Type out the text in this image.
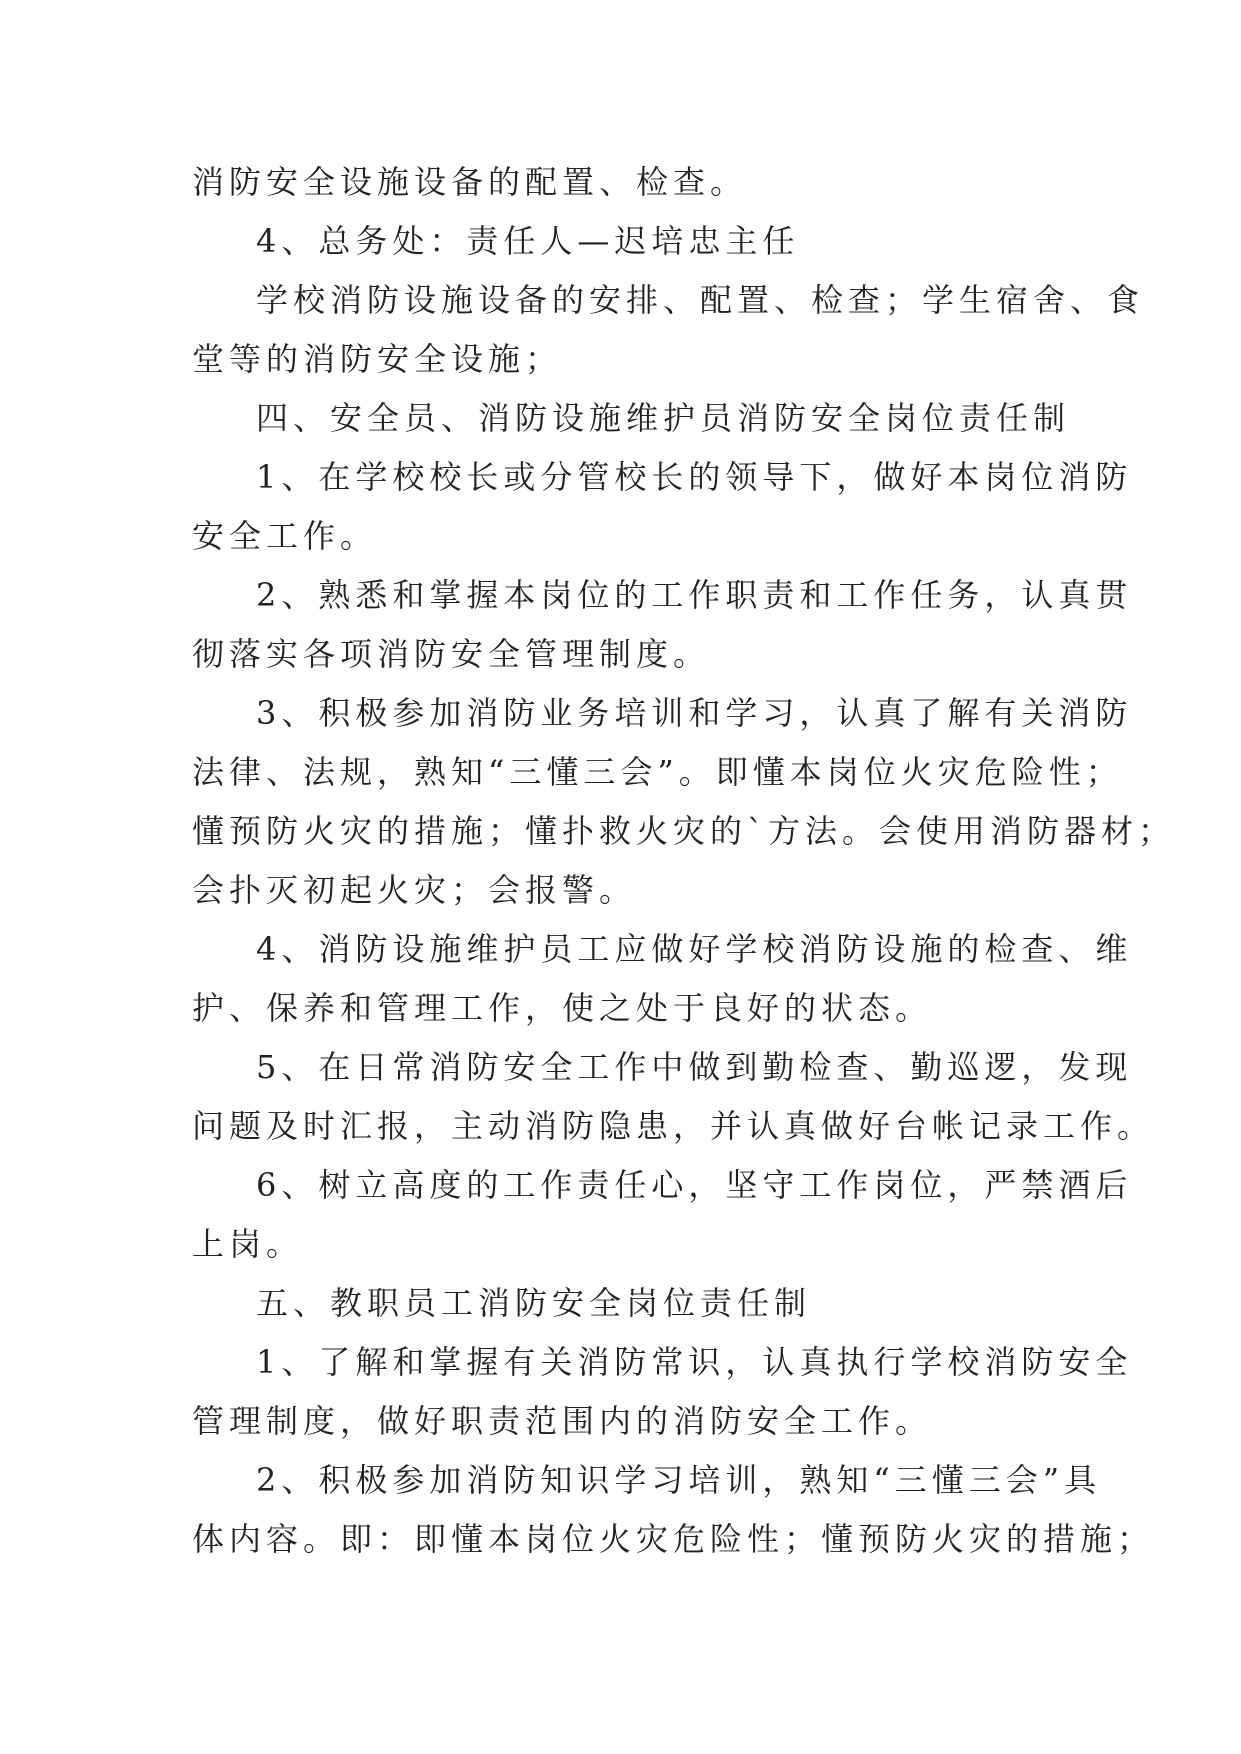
消防安全设施设备的配置、检查。

4、总务处：责任人—迟培忠主任

学校消防设施设备的安排、配置、检查；学生宿舍、食

堂等的消防安全设施；

四、安全员、消防设施维护员消防安全岗位责任制

1、在学校校长或分管校长的领导下，做好本岗位消防

安全工作。

2、熟悉和掌握本岗位的工作职责和工作任务，认真贯

彻落实各项消防安全管理制度。

3、积极参加消防业务培训和学习，认真了解有关消防

法律、法规，熟知“三懂三会”。即懂本岗位火灾危险性；

懂预防火灾的措施；懂扑救火灾的`方法。会使用消防器材；

会扑灭初起火灾；会报警。

4、消防设施维护员工应做好学校消防设施的检查、维

护、保养和管理工作，使之处于良好的状态。

5、在日常消防安全工作中做到勤检查、勤巡逻，发现

问题及时汇报，主动消防隐患，并认真做好台帐记录工作。

6、树立高度的工作责任心，坚守工作岗位，严禁酒后

上岗。

五、教职员工消防安全岗位责任制

1、了解和掌握有关消防常识，认真执行学校消防安全

管理制度，做好职责范围内的消防安全工作。

2、积极参加消防知识学习培训，熟知“三懂三会”具

体内容。即：即懂本岗位火灾危险性；懂预防火灾的措施；
